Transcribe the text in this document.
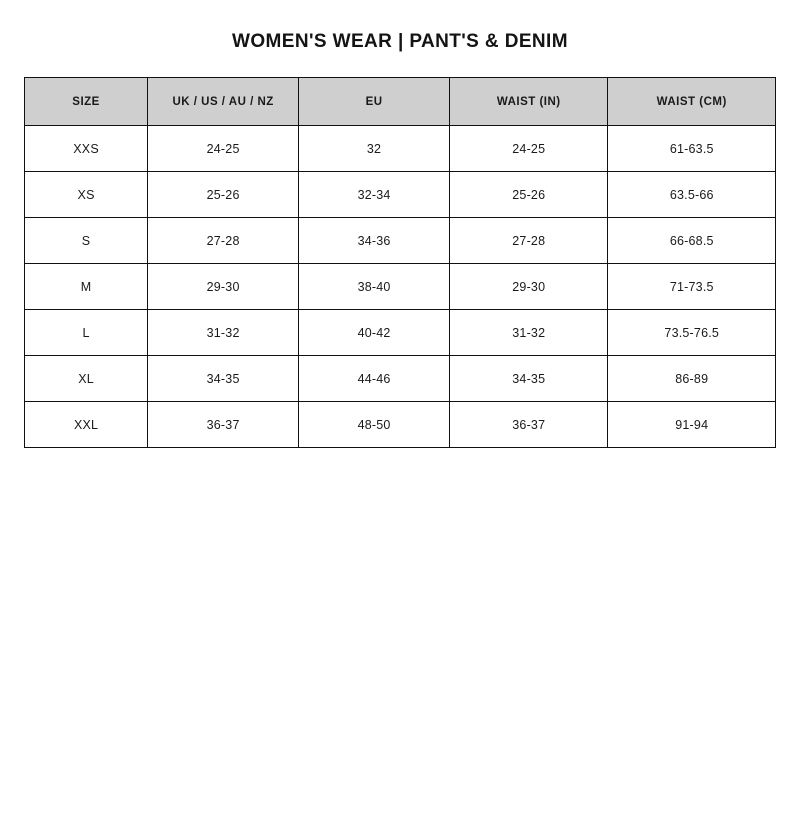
WOMEN'S WEAR | PANT'S & DENIM
SIZE	UK / US / AU / NZ	EU	WAIST (IN)	WAIST (CM)
XXS	24-25	32	24-25	61-63.5
XS	25-26	32-34	25-26	63.5-66
S	27-28	34-36	27-28	66-68.5
M	29-30	38-40	29-30	71-73.5
L	31-32	40-42	31-32	73.5-76.5
XL	34-35	44-46	34-35	86-89
XXL	36-37	48-50	36-37	91-94
